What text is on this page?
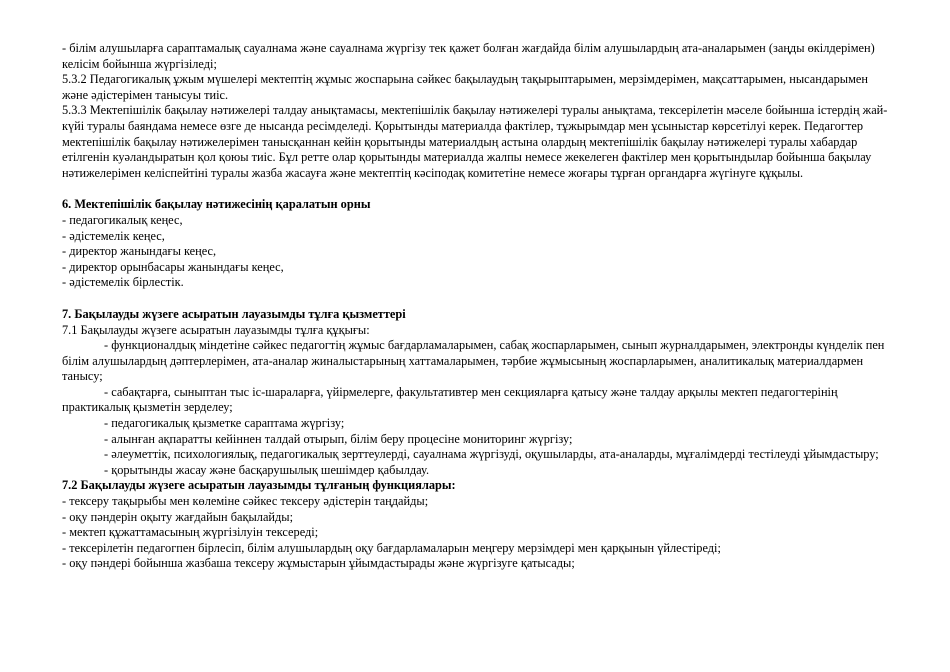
- білім алушыларға сараптамалық сауалнама және сауалнама жүргізу тек қажет болған жағдайда білім алушылардың ата-аналарымен (заңды өкілдерімен) келісім бойынша жүргізіледі;

5.3.2 Педагогикалық ұжым мүшелері мектептің жұмыс жоспарына сәйкес бақылаудың тақырыптарымен, мерзімдерімен, мақсаттарымен, нысандарымен және әдістерімен танысуы тиіс.

5.3.3 Мектепішілік бақылау нәтижелері талдау анықтамасы, мектепішілік бақылау нәтижелері туралы анықтама, тексерілетін мәселе бойынша істердің жай-күйі туралы баяндама немесе өзге де нысанда ресімделеді. Қорытынды материалда фактілер, тұжырымдар мен ұсыныстар көрсетілуі керек. Педагогтер мектепішілік бақылау нәтижелерімен танысқаннан кейін қорытынды материалдың астына олардың мектепішілік бақылау нәтижелері туралы хабардар етілгенін куәландыратын қол қоюы тиіс. Бұл ретте олар қорытынды материалда жалпы немесе жекелеген фактілер мен қорытындылар бойынша бақылау нәтижелерімен келіспейтіні туралы жазба жасауға және мектептің кәсіподақ комитетіне немесе жоғары тұрған органдарға жүгінуге құқылы.

6. Мектепішілік бақылау нәтижесінің қаралатын орны

- педагогикалық кеңес,

- әдістемелік кеңес,

- директор жанындағы кеңес,

- директор орынбасары жанындағы кеңес,

- әдістемелік бірлестік.

7. Бақылауды жүзеге асыратын лауазымды тұлға қызметтері

7.1 Бақылауды жүзеге асыратын лауазымды тұлға құқығы:

- функционалдық міндетіне сәйкес педагогтің жұмыс бағдарламаларымен, сабақ жоспарларымен, сынып журналдарымен, электронды күнделік пен білім алушылардың дәптерлерімен, ата-аналар жиналыстарының хаттамаларымен, тәрбие жұмысының жоспарларымен, аналитикалық материалдармен танысу;

- сабақтарға, сыныптан тыс іс-шараларға, үйірмелерге, факультативтер мен секцияларға қатысу және талдау арқылы мектеп педагогтерінің практикалық қызметін зерделеу;

- педагогикалық қызметке сараптама жүргізу;

- алынған ақпаратты кейіннен талдай отырып, білім беру процесіне мониторинг жүргізу;

- әлеуметтік, психологиялық, педагогикалық зерттеулерді, сауалнама жүргізуді, оқушыларды, ата-аналарды, мұғалімдерді тестілеуді ұйымдастыру;

- қорытынды жасау және басқарушылық шешімдер қабылдау.

7.2 Бақылауды жүзеге асыратын лауазымды тұлғаның функциялары:

- тексеру тақырыбы мен көлеміне сәйкес тексеру әдістерін таңдайды;

- оқу пәндерін оқыту жағдайын бақылайды;

- мектеп құжаттамасының жүргізілуін тексереді;

- тексерілетін педагогпен бірлесіп, білім алушылардың оқу бағдарламаларын меңгеру мерзімдері мен қарқынын үйлестіреді;

- оқу пәндері бойынша жазбаша тексеру жұмыстарын ұйымдастырады және жүргізуге қатысады;
